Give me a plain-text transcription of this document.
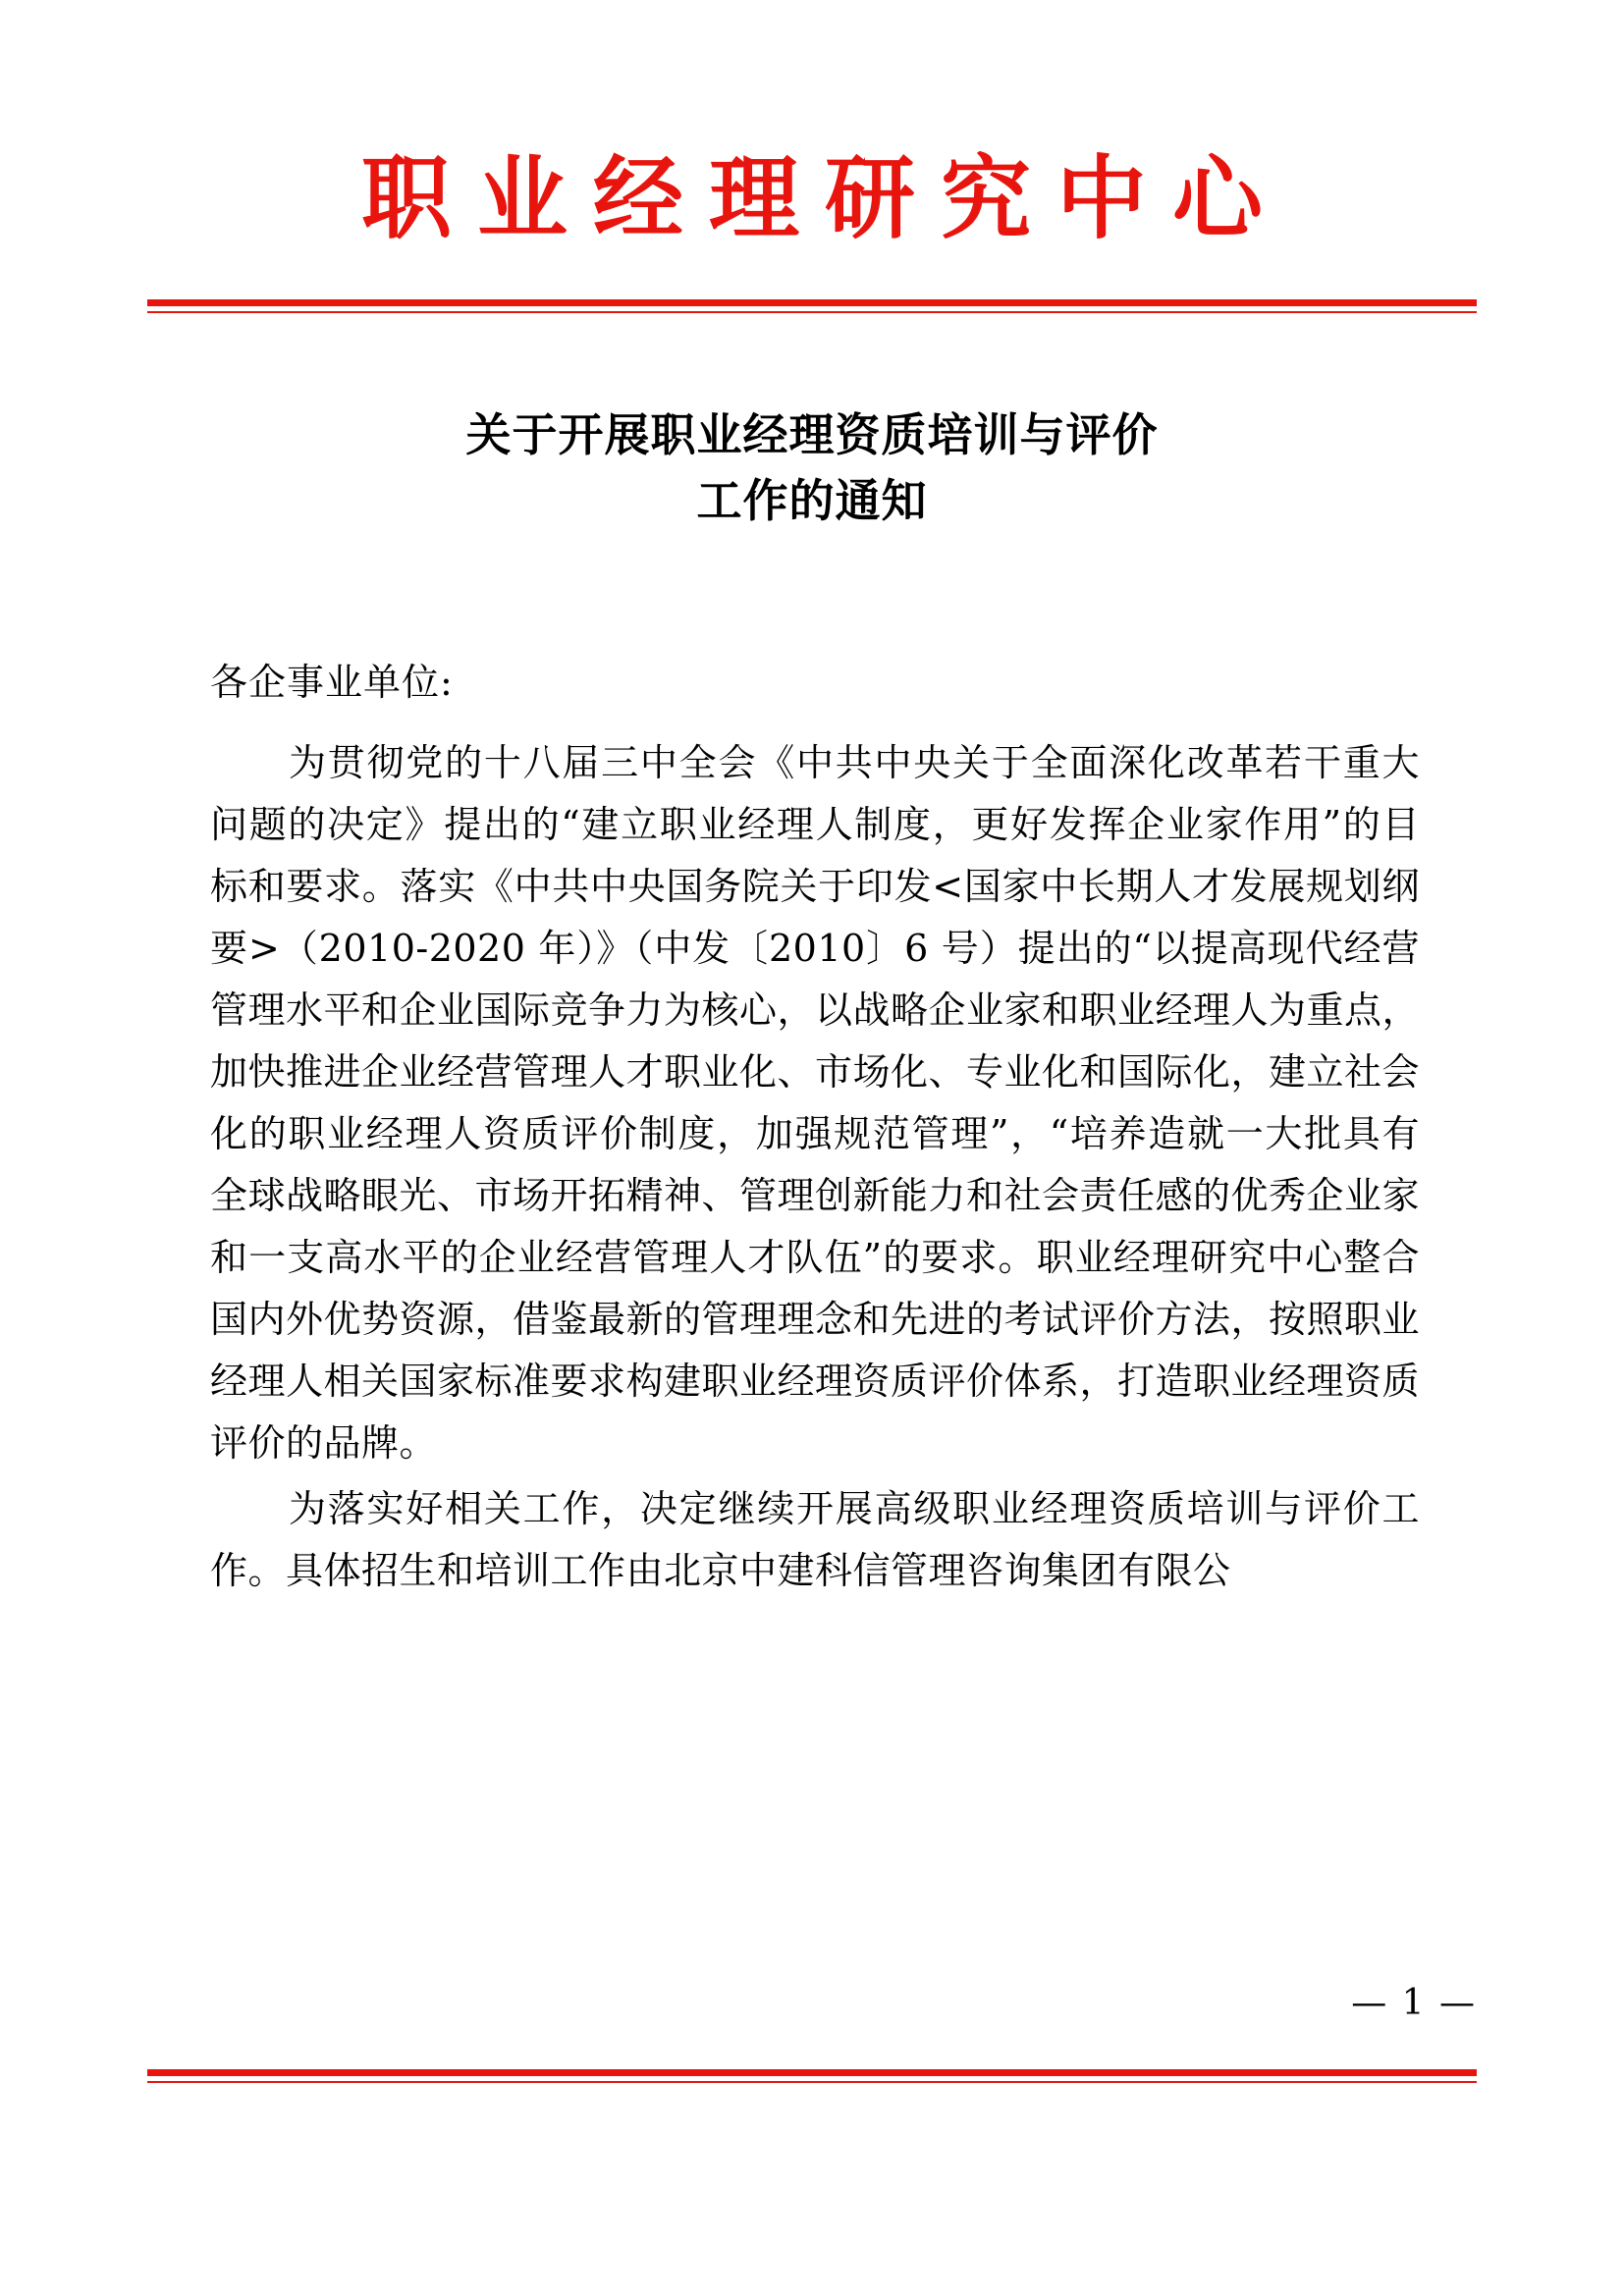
职业经理研究中心
关于开展职业经理资质培训与评价
工作的通知
各企事业单位:

为贯彻党的十八届三中全会《中共中央关于全面深化改革若干重大问题的决定》提出的“建立职业经理人制度，更好发挥企业家作用”的目标和要求。落实《中共中央国务院关于印发<国家中长期人才发展规划纲要>（2010-2020 年）》（中发〔2010〕6 号）提出的“以提高现代经营管理水平和企业国际竞争力为核心，以战略企业家和职业经理人为重点，加快推进企业经营管理人才职业化、市场化、专业化和国际化，建立社会化的职业经理人资质评价制度，加强规范管理”，“培养造就一大批具有全球战略眼光、市场开拓精神、管理创新能力和社会责任感的优秀企业家和一支高水平的企业经营管理人才队伍”的要求。职业经理研究中心整合国内外优势资源，借鉴最新的管理理念和先进的考试评价方法，按照职业经理人相关国家标准要求构建职业经理资质评价体系，打造职业经理资质评价的品牌。

为落实好相关工作，决定继续开展高级职业经理资质培训与评价工作。具体招生和培训工作由北京中建科信管理咨询集团有限公

— 1 —
